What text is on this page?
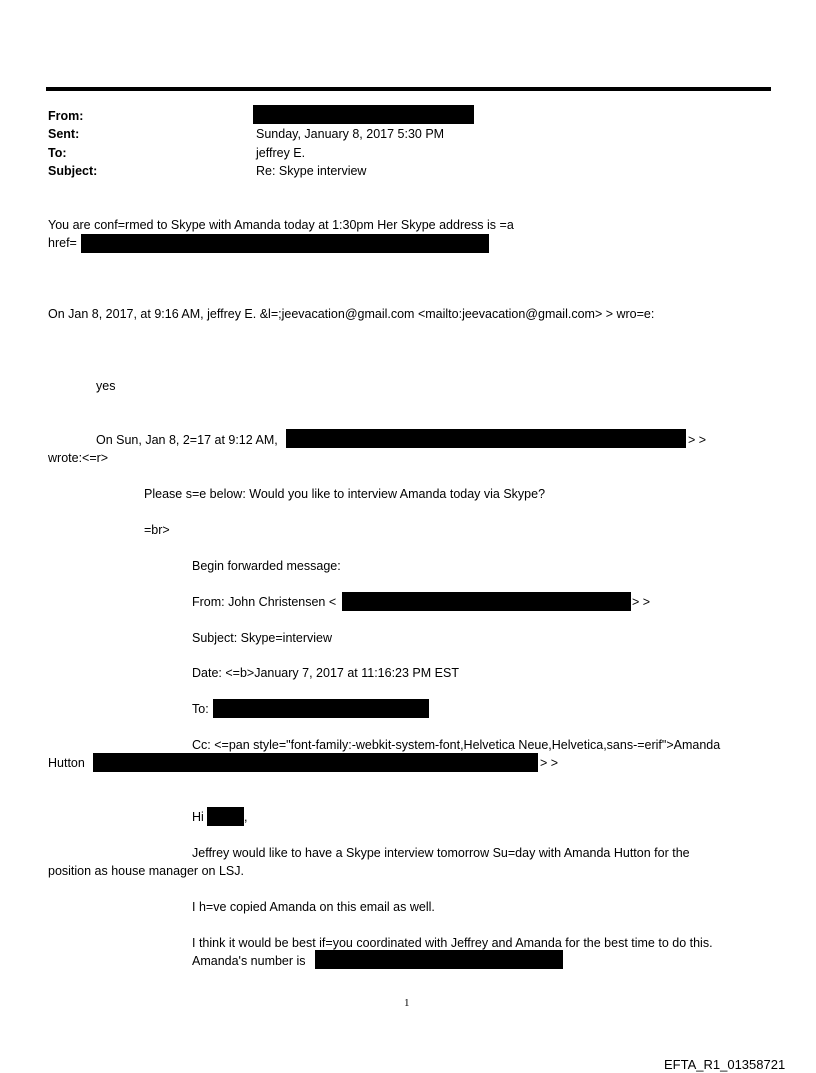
From:
Sent:	Sunday, January 8, 2017 5:30 PM
To:	jeffrey E.
Subject:	Re: Skype interview
You are conf=rmed to Skype with Amanda today at 1:30pm Her Skype address is =a
href=
On Jan 8, 2017, at 9:16 AM, jeffrey E. &l=;jeevacation@gmail.com <mailto:jeevacation@gmail.com> > wro=e:
yes
On Sun, Jan 8, 2=17 at 9:12 AM,	> >
wrote:<=r>
Please s=e below: Would you like to interview Amanda today via Skype?
=br>
Begin forwarded message:
From: John Christensen <	> >
Subject: Skype=interview
Date: <=b>January 7, 2017 at 11:16:23 PM EST
To:
Cc: <=pan style="font-family:-webkit-system-font,Helvetica Neue,Helvetica,sans-=erif">Amanda
Hutton	> >
Hi	,
Jeffrey would like to have a Skype interview tomorrow Su=day with Amanda Hutton for the
position as house manager on LSJ.
I h=ve copied Amanda on this email as well.
I think it would be best if=you coordinated with Jeffrey and Amanda for the best time to do this.
Amanda's number is
1
EFTA_R1_01358721
